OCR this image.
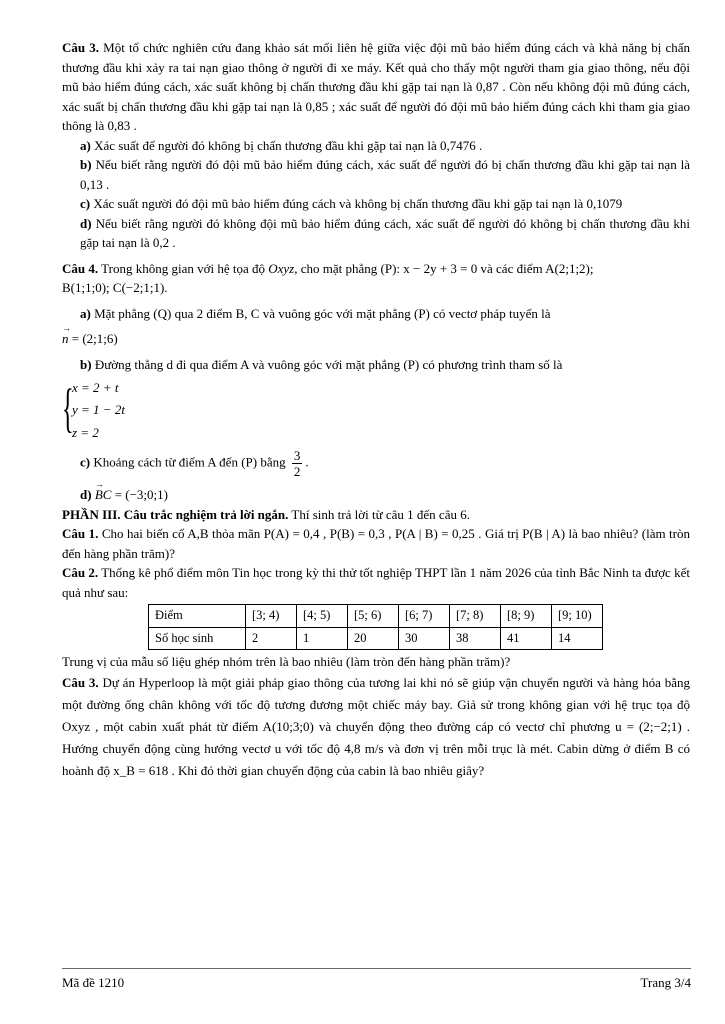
Câu 3. Một tổ chức nghiên cứu đang khảo sát mối liên hệ giữa việc đội mũ bảo hiểm đúng cách và khả năng bị chấn thương đầu khi xảy ra tai nạn giao thông ở người đi xe máy. Kết quả cho thấy một người tham gia giao thông, nếu đội mũ bảo hiểm đúng cách, xác suất không bị chấn thương đầu khi gặp tai nạn là 0,87 . Còn nếu không đội mũ đúng cách, xác suất bị chấn thương đầu khi gặp tai nạn là 0,85 ; xác suất để người đó đội mũ bảo hiểm đúng cách khi tham gia giao thông là 0,83 .

a) Xác suất để người đó không bị chấn thương đầu khi gặp tai nạn là 0,7476 .

b) Nếu biết rằng người đó đội mũ bảo hiểm đúng cách, xác suất để người đó bị chấn thương đầu khi gặp tai nạn là 0,13 .

c) Xác suất người đó đội mũ bảo hiểm đúng cách và không bị chấn thương đầu khi gặp tai nạn là 0,1079

d) Nếu biết rằng người đó không đội mũ bảo hiểm đúng cách, xác suất để người đó không bị chấn thương đầu khi gặp tai nạn là 0,2 .

Câu 4. Trong không gian với hệ tọa độ Oxyz, cho mặt phẳng (P): x − 2y + 3 = 0 và các điểm A(2;1;2);

B(1;1;0); C(−2;1;1).

a) Mặt phẳng (Q) qua 2 điểm B, C và vuông góc với mặt phẳng (P) có vectơ pháp tuyến là

→ n = (2;1;6)

b) Đường thẳng d đi qua điểm A và vuông góc với mặt phẳng (P) có phương trình tham số là

{
x = 2 + t
y = 1 − 2t
z = 2

c) Khoảng cách từ điểm A đến (P) bằng $\frac{3}{2}$ .

d) → BC = (−3;0;1)

PHẦN III. Câu trắc nghiệm trả lời ngắn. Thí sinh trả lời từ câu 1 đến câu 6.

Câu 1. Cho hai biến cố A,B thỏa mãn P(A) = 0,4 , P(B) = 0,3 , P(A | B) = 0,25 . Giá trị P(B | A) là bao nhiêu? (làm tròn đến hàng phần trăm)?

Câu 2. Thống kê phổ điểm môn Tin học trong kỳ thi thử tốt nghiệp THPT lần 1 năm 2026 của tỉnh Bắc Ninh ta được kết quả như sau:

Điểm	[3; 4)	[4; 5)	[5; 6)	[6; 7)	[7; 8)	[8; 9)	[9; 10)
Số học sinh	2	1	20	30	38	41	14

Trung vị của mẫu số liệu ghép nhóm trên là bao nhiêu (làm tròn đến hàng phần trăm)?

Câu 3. Dự án Hyperloop là một giải pháp giao thông của tương lai khi nó sẽ giúp vận chuyển người và hàng hóa bằng một đường ống chân không với tốc độ tương đương một chiếc máy bay. Giả sử trong không gian với hệ trục tọa độ Oxyz , một cabin xuất phát từ điểm A(10;3;0) và chuyển động theo đường cáp có vectơ chỉ phương u = (2;−2;1) . Hướng chuyển động cùng hướng vectơ u với tốc độ 4,8 m/s và đơn vị trên mỗi trục là mét. Cabin dừng ở điểm B có hoành độ x_B = 618 . Khi đó thời gian chuyển động của cabin là bao nhiêu giây?

Mã đề 1210	Trang 3/4
